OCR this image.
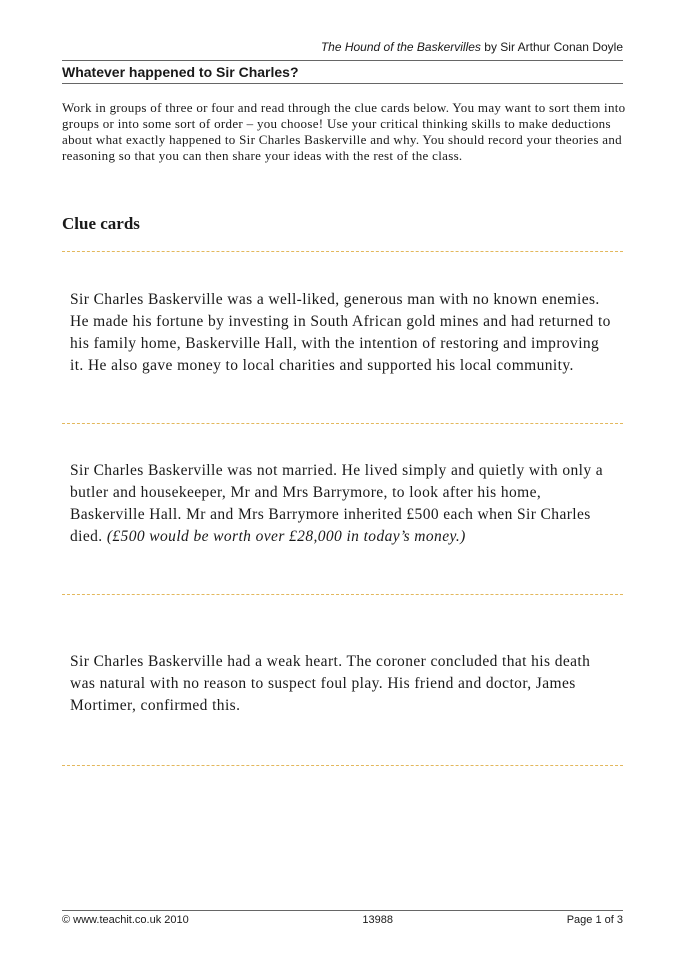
The Hound of the Baskervilles by Sir Arthur Conan Doyle
Whatever happened to Sir Charles?

Work in groups of three or four and read through the clue cards below. You may want to sort them into groups or into some sort of order – you choose! Use your critical thinking skills to make deductions about what exactly happened to Sir Charles Baskerville and why. You should record your theories and reasoning so that you can then share your ideas with the rest of the class.

Clue cards

Sir Charles Baskerville was a well-liked, generous man with no known enemies. He made his fortune by investing in South African gold mines and had returned to his family home, Baskerville Hall, with the intention of restoring and improving it. He also gave money to local charities and supported his local community.

Sir Charles Baskerville was not married. He lived simply and quietly with only a butler and housekeeper, Mr and Mrs Barrymore, to look after his home, Baskerville Hall. Mr and Mrs Barrymore inherited £500 each when Sir Charles died. (£500 would be worth over £28,000 in today’s money.)

Sir Charles Baskerville had a weak heart. The coroner concluded that his death was natural with no reason to suspect foul play. His friend and doctor, James Mortimer, confirmed this.

© www.teachit.co.uk 2010	13988	Page 1 of 3
